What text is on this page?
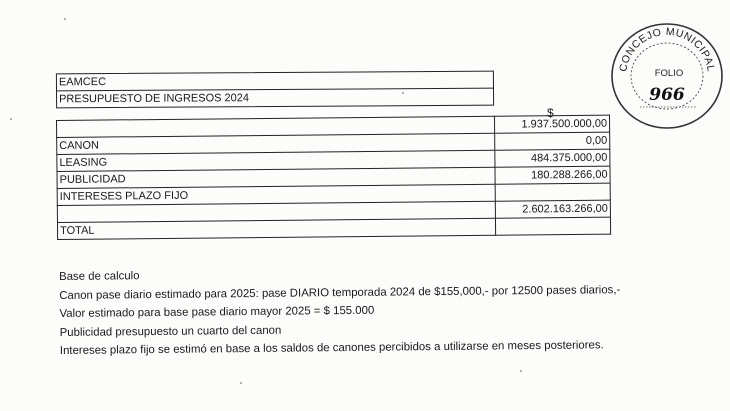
CONCEJO MUNICIPAL
FOLIO
966
EAMCEC
PRESUPUESTO DE INGRESOS 2024
$
	1.937.500.000,00
CANON	0,00
LEASING	484.375.000,00
PUBLICIDAD	180.288.266,00
INTERESES PLAZO FIJO	
	2.602.163.266,00
TOTAL	
Base de calculo
Canon pase diario estimado para 2025: pase DIARIO temporada 2024 de $155,000,- por 12500 pases diarios,-
Valor estimado para base pase diario mayor 2025 = $ 155.000
Publicidad presupuesto un cuarto del canon
Intereses plazo fijo se estimó en base a los saldos de canones percibidos a utilizarse en meses posteriores.
